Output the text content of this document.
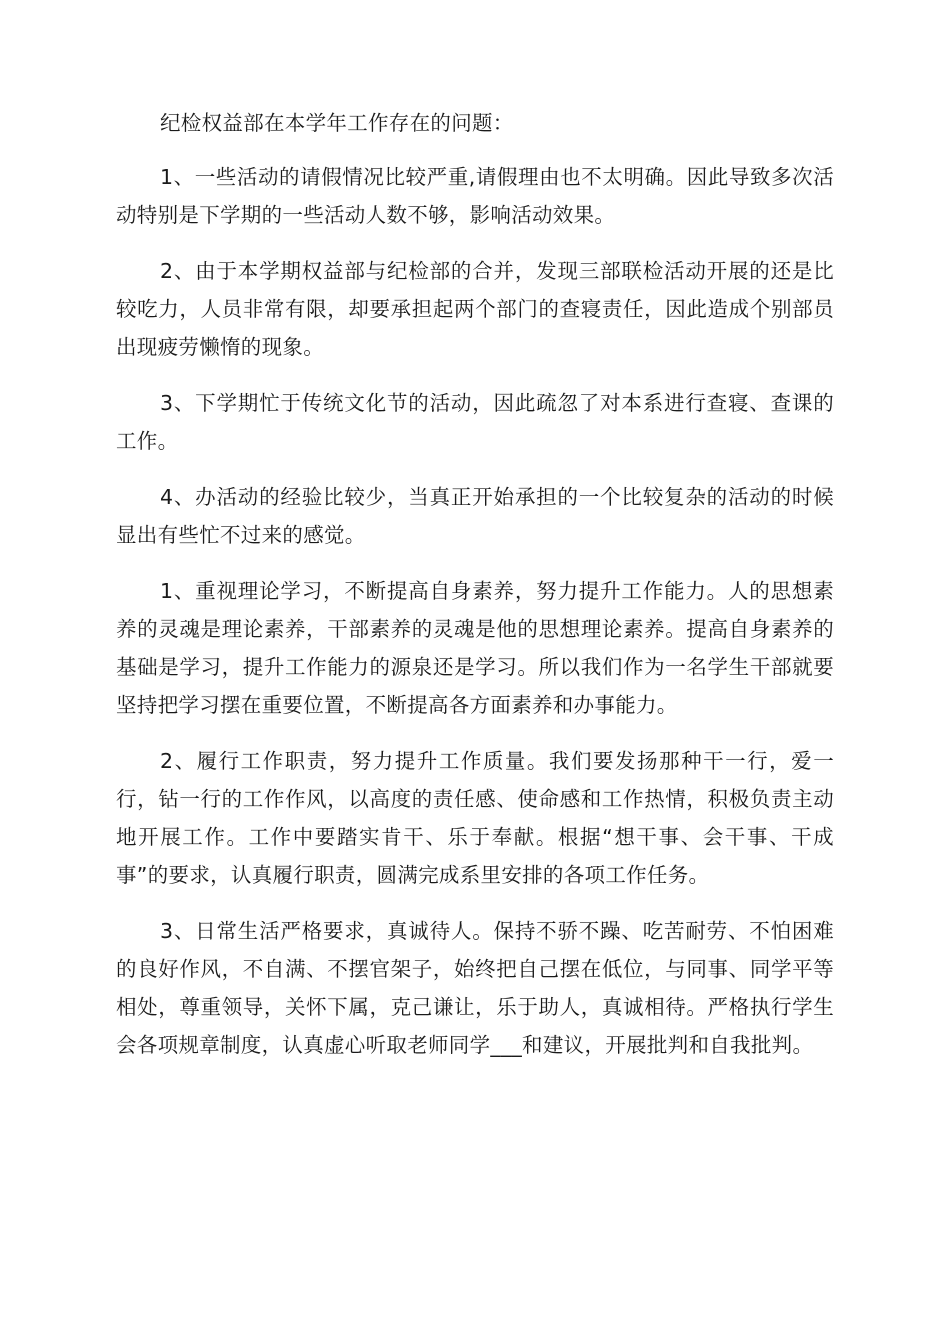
纪检权益部在本学年工作存在的问题：

1、一些活动的请假情况比较严重,请假理由也不太明确。因此导致多次活动特别是下学期的一些活动人数不够，影响活动效果。

2、由于本学期权益部与纪检部的合并，发现三部联检活动开展的还是比较吃力，人员非常有限，却要承担起两个部门的查寝责任，因此造成个别部员出现疲劳懒惰的现象。

3、下学期忙于传统文化节的活动，因此疏忽了对本系进行查寝、查课的工作。

4、办活动的经验比较少，当真正开始承担的一个比较复杂的活动的时候显出有些忙不过来的感觉。

1、重视理论学习，不断提高自身素养，努力提升工作能力。人的思想素养的灵魂是理论素养，干部素养的灵魂是他的思想理论素养。提高自身素养的基础是学习，提升工作能力的源泉还是学习。所以我们作为一名学生干部就要坚持把学习摆在重要位置，不断提高各方面素养和办事能力。

2、履行工作职责，努力提升工作质量。我们要发扬那种干一行，爱一行，钻一行的工作作风，以高度的责任感、使命感和工作热情，积极负责主动地开展工作。工作中要踏实肯干、乐于奉献。根据“想干事、会干事、干成事”的要求，认真履行职责，圆满完成系里安排的各项工作任务。

3、日常生活严格要求，真诚待人。保持不骄不躁、吃苦耐劳、不怕困难的良好作风，不自满、不摆官架子，始终把自己摆在低位，与同事、同学平等相处，尊重领导，关怀下属，克己谦让，乐于助人，真诚相待。严格执行学生会各项规章制度，认真虚心听取老师同学___和建议，开展批判和自我批判。
